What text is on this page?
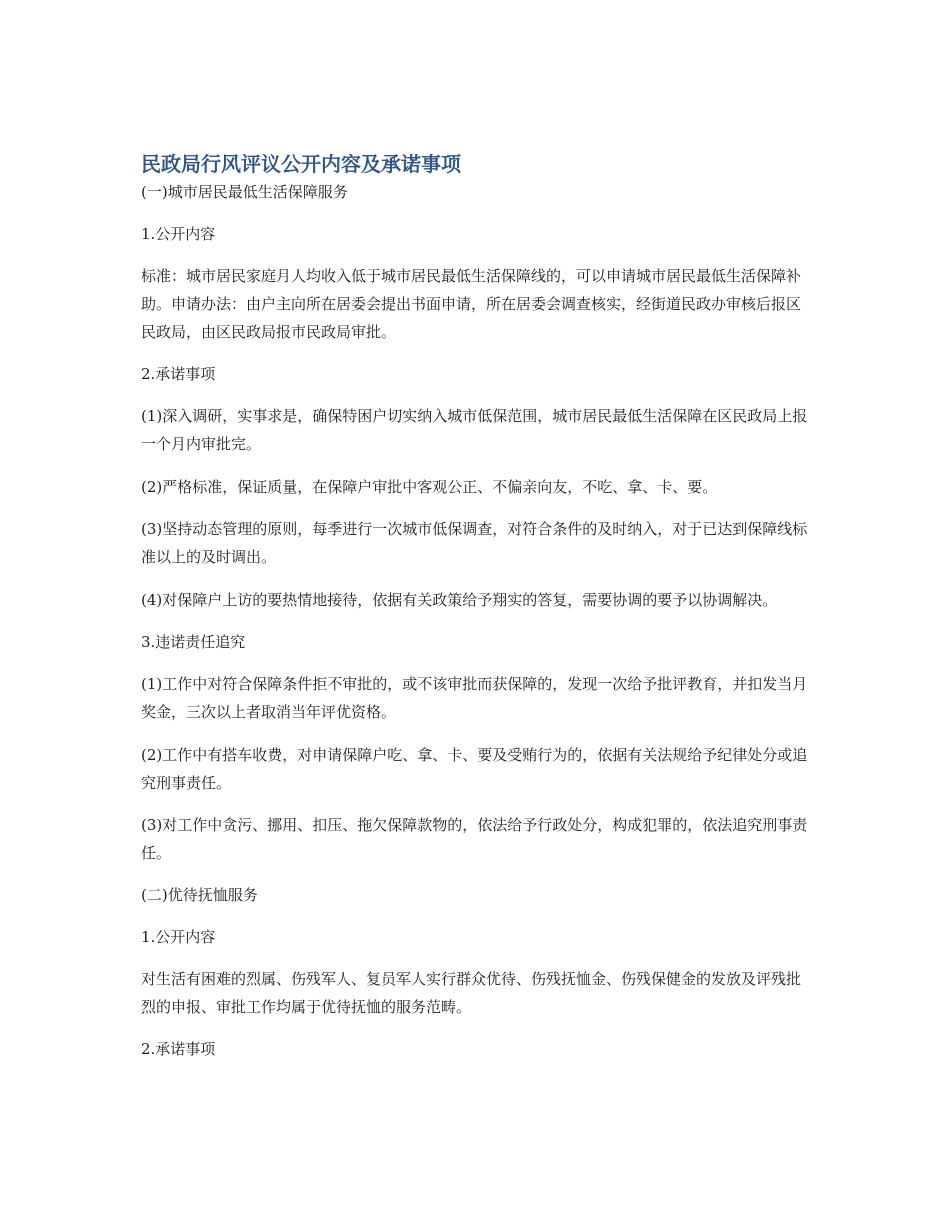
民政局行风评议公开内容及承诺事项

(一)城市居民最低生活保障服务

1.公开内容

标准：城市居民家庭月人均收入低于城市居民最低生活保障线的，可以申请城市居民最低生活保障补助。申请办法：由户主向所在居委会提出书面申请，所在居委会调查核实，经街道民政办审核后报区民政局，由区民政局报市民政局审批。

2.承诺事项

(1)深入调研，实事求是，确保特困户切实纳入城市低保范围，城市居民最低生活保障在区民政局上报一个月内审批完。

(2)严格标准，保证质量，在保障户审批中客观公正、不偏亲向友，不吃、拿、卡、要。

(3)坚持动态管理的原则，每季进行一次城市低保调查，对符合条件的及时纳入，对于已达到保障线标准以上的及时调出。

(4)对保障户上访的要热情地接待，依据有关政策给予翔实的答复，需要协调的要予以协调解决。

3.违诺责任追究

(1)工作中对符合保障条件拒不审批的，或不该审批而获保障的，发现一次给予批评教育，并扣发当月奖金，三次以上者取消当年评优资格。

(2)工作中有搭车收费，对申请保障户吃、拿、卡、要及受贿行为的，依据有关法规给予纪律处分或追究刑事责任。

(3)对工作中贪污、挪用、扣压、拖欠保障款物的，依法给予行政处分，构成犯罪的，依法追究刑事责任。

(二)优待抚恤服务

1.公开内容

对生活有困难的烈属、伤残军人、复员军人实行群众优待、伤残抚恤金、伤残保健金的发放及评残批烈的申报、审批工作均属于优待抚恤的服务范畴。

2.承诺事项
